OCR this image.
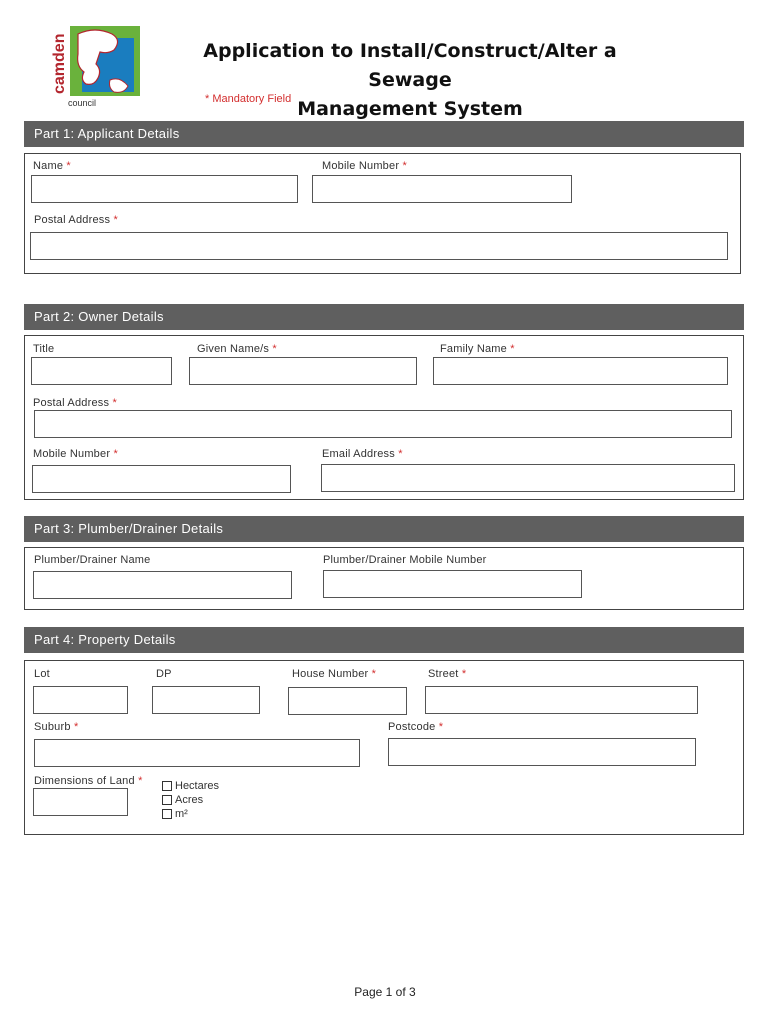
camden
council
Application to Install/Construct/Alter a Sewage
Management System
* Mandatory Field
Part 1: Applicant Details
Name *	Mobile Number *
Postal Address *
Part 2: Owner Details
Title	Given Name/s *	Family Name *
Postal Address *
Mobile Number *	Email Address *
Part 3: Plumber/Drainer Details
Plumber/Drainer Name	Plumber/Drainer Mobile Number
Part 4: Property Details
Lot	DP	House Number *	Street *
Suburb *	Postcode *
Dimensions of Land *	Hectares
Acres
m²
Page 1 of 3
